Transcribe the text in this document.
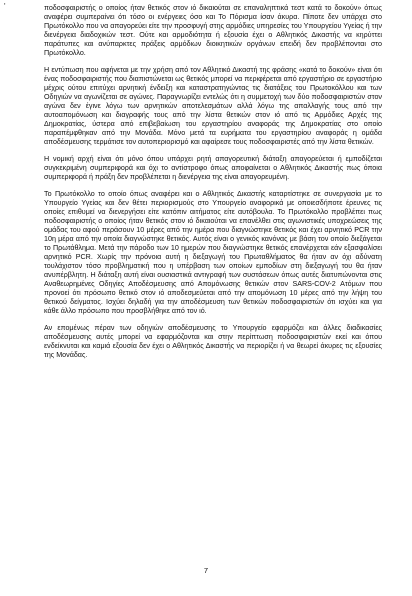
'	ποδοσφαιριστής ο οποίος ήταν θετικός στον ιό δικαιούται σε επαναληπτικά τεστ κατά το δοκούν» όπως αναφέρει συμπεραίνει ότι τόσο οι ενέργειες όσο και Το Πόρισμα ίσαν άκυρα. Πίποτε δεν υπάρχει στο Πρωτόκολλο που να απαγορεύει είτε την προσφυγή στης αρμόδιες υπηρεσίες του Υπουργείου Υγείας ή την διενέργεια διαδοχικών τεστ. Ούτε και αρμοδιότητα ή εξουσία έχει ο Αθλητικός Δικαστής να κηρύττει παράτυπες και ανύπαρκτες πράξεις αρμόδιων διοικητικών οργάνων επειδή δεν προβλέπονται στο Πρωτόκολλο.

Η εντύπωση που αφήνεται με την χρήση από τον Αθλητικό Δικαστή της φράσης «κατά το δοκούν» είναι ότι ένας ποδοσφαιριστής που διαπιστώνεται ως θετικός μπορεί να περιφέρεται από εργαστήριο σε εργαστήριο μέχρις ούτου επιτύχει αρνητική ένδειξη και καταστρατηγώντας τις διατάξεις του Πρωτοκόλλου και των Οδηγιών να αγωνίζεται σε αγώνες. Παραγνωρίζει εντελώς ότι η συμμετοχή των δύο ποδοσφαιριστών στον αγώνα δεν έγινε λόγω των αρνητικών αποτελεσμάτων αλλά λόγω της απαλλαγής τους από την αυτοαπομόνωση και διαγραφής τους από την λίστα θετικών στον ιό από τις Αρμόδιες Αρχές της Δημοκρατίας, ύστερα από επιβεβαίωση του εργαστηρίου αναφοράς της Δημοκρατίας στο οποίο παραπέμφθηκαν από την Μονάδα. Μόνο μετά τα ευρήματα του εργαστηρίου αναφοράς η ομάδα αποδέσμευσης τερμάτισε τον αυτοπεριορισμό και αφαίρεσε τους ποδοσφαιριστές από την λίστα θετικών.

Η νομική αρχή είναι ότι μόνο όπου υπάρχει ρητή απαγορευτική διάταξη απαγορεύεται ή εμποδίζεται συγκεκριμένη συμπεριφορά και όχι το αντίστροφο όπως αποφαίνεται ο Αθλητικός Δικαστής πως όποια συμπεριφορά ή πράξη δεν προβλέπεται η διενέργεια της είναι απαγορευμένη.

Το Πρωτόκολλο το οποίο όπως αναφέρει και ο Αθλητικός Δικαστής καταρτίστηκε σε συνεργασία με το Υπουργείο Υγείας και δεν θέτει περιορισμούς στο Υπουργείο αναφορικά με οποιεσδήποτε έρευνες τις οποίες επιθυμεί να διενεργήσει είτε κατόπιν αιτήματος είτε αυτόβουλα. Το Πρωτόκολλο προβλέπει πως ποδοσφαιριστής ο οποίος ήταν θετικός στον ιό δικαιούται να επανέλθει στις αγωνιστικές υποχρεώσεις της ομάδας του αφού περάσουν 10 μέρες από την ημέρα που διαγνώστηκε θετικός και έχει αρνητικό PCR την 10η μέρα από την οποία διαγνώστηκε θετικός. Αυτός είναι ο γενικός κανόνας με βάση τον οποίο διεξάγεται το Πρωτάθλημα. Μετά την πάροδο των 10 ημερών που διαγνώστηκε θετικός επανέρχεται εάν εξασφαλίσει αρνητικό PCR. Χωρίς την πρόνοια αυτή η διεξαγωγή του Πρωταθλήματος θα ήταν αν όχι αδύνατη τουλάχιστον τόσο προβληματική που η υπέρβαση των οποίων εμποδίων στη διεξαγωγή του θα ήταν ανυπέρβλητη. Η διάταξη αυτή είναι ουσιαστικά αντιγραφή των συστάσεων όπως αυτές διατυπώνονται στις Αναθεωρημένες Οδηγίες Αποδέσμευσης από Απομόνωσης θετικών στον SARS-COV-2 Ατόμων που προνοεί ότι πρόσωπο θετικό στον ιό αποδεσμεύεται από την απομόνωση 10 μέρες από την λήψη του θετικού δείγματος. Ισχύει δηλαδή για την αποδέσμευση των θετικών ποδοσφαιριστών ότι ισχύει και για κάθε άλλο πρόσωπο που προσβλήθηκε από τον ιό.

Αν επομένως πέραν των οδηγιών αποδέσμευσης το Υπουργείο εφαρμόζει και άλλες διαδικασίες αποδέσμευσης αυτές μπορεί να εφαρμόζονται και στην περίπτωση ποδοσφαιριστών εκεί και όπου ενδείκνυται και καμιά εξουσία δεν έχει ο Αθλητικός Δικαστής να περιορίζει ή να θεωρεί άκυρες τις εξουσίες της Μονάδας.

7
